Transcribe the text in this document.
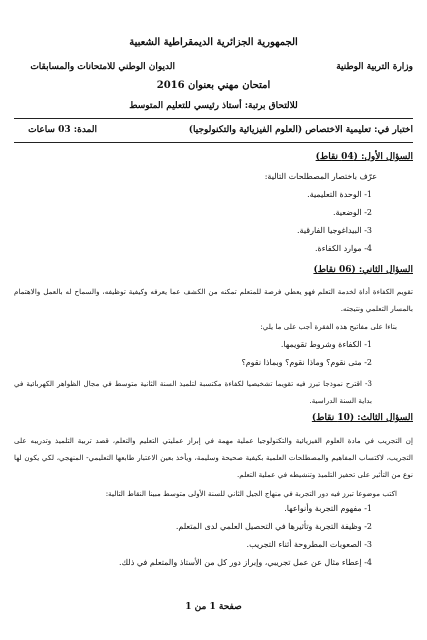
الجمهورية الجزائرية الديمقراطية الشعبية
وزارة التربية الوطنية
الديوان الوطني للامتحانات والمسابقات
امتحان مهني بعنوان 2016
للالتحاق برتبة: أستاذ رئيسي للتعليم المتوسط
اختبار في: تعليمية الاختصاص (العلوم الفيزيائية والتكنولوجيا)
المدة: 03 ساعات
السؤال الأول: (04 نقاط)
عرّف باختصار المصطلحات التالية:
1- الوحدة التعليمية.
2- الوضعية.
3- البيداغوجيا الفارقية.
4- موارد الكفاءة.
السؤال الثاني: (06 نقاط)
تقويم الكفاءة أداة لخدمة التعلم فهو يعطي فرصة للمتعلم تمكنه من الكشف عما يعرفه وكيفية توظيفه، والسماح له بالعمل والاهتمام بالمسار التعلمي ونتيجته.
بناءا على مفاتيح هذه الفقرة أجب على ما يلي:
1- الكفاءة وشروط تقويمها.
2- متى نقوم؟ وماذا نقوم؟ وبماذا نقوم؟
3- اقترح نموذجا تبرز فيه تقويما تشخيصيا لكفاءة مكتسبة لتلميذ السنة الثانية متوسط في مجال الظواهر الكهربائية في بداية السنة الدراسية.
السؤال الثالث: (10 نقاط)
إن التجريب في مادة العلوم الفيزيائية والتكنولوجيا عملية مهمة في إبراز عمليتي التعليم والتعلم، قصد تربية التلميذ وتدريبه على التجريب، لاكتساب المفاهيم والمصطلحات العلمية بكيفية صحيحة وسليمة، ويأخذ بعين الاعتبار طابعها التعليمي- المنهجي، لكي يكون لها نوع من التأثير على تحفيز التلميذ وتنشيطه في عملية التعلم.
اكتب موضوعا تبرز فيه دور التجربة في منهاج الجيل الثاني للسنة الأولى متوسط مبينا النقاط التالية:
1- مفهوم التجربة وأنواعها.
2- وظيفة التجربة وتأثيرها في التحصيل العلمي لدى المتعلم.
3- الصعوبات المطروحة أثناء التجريب.
4- إعطاء مثال عن عمل تجريبي، وإبراز دور كل من الأستاذ والمتعلم في ذلك.
صفحة 1 من 1
